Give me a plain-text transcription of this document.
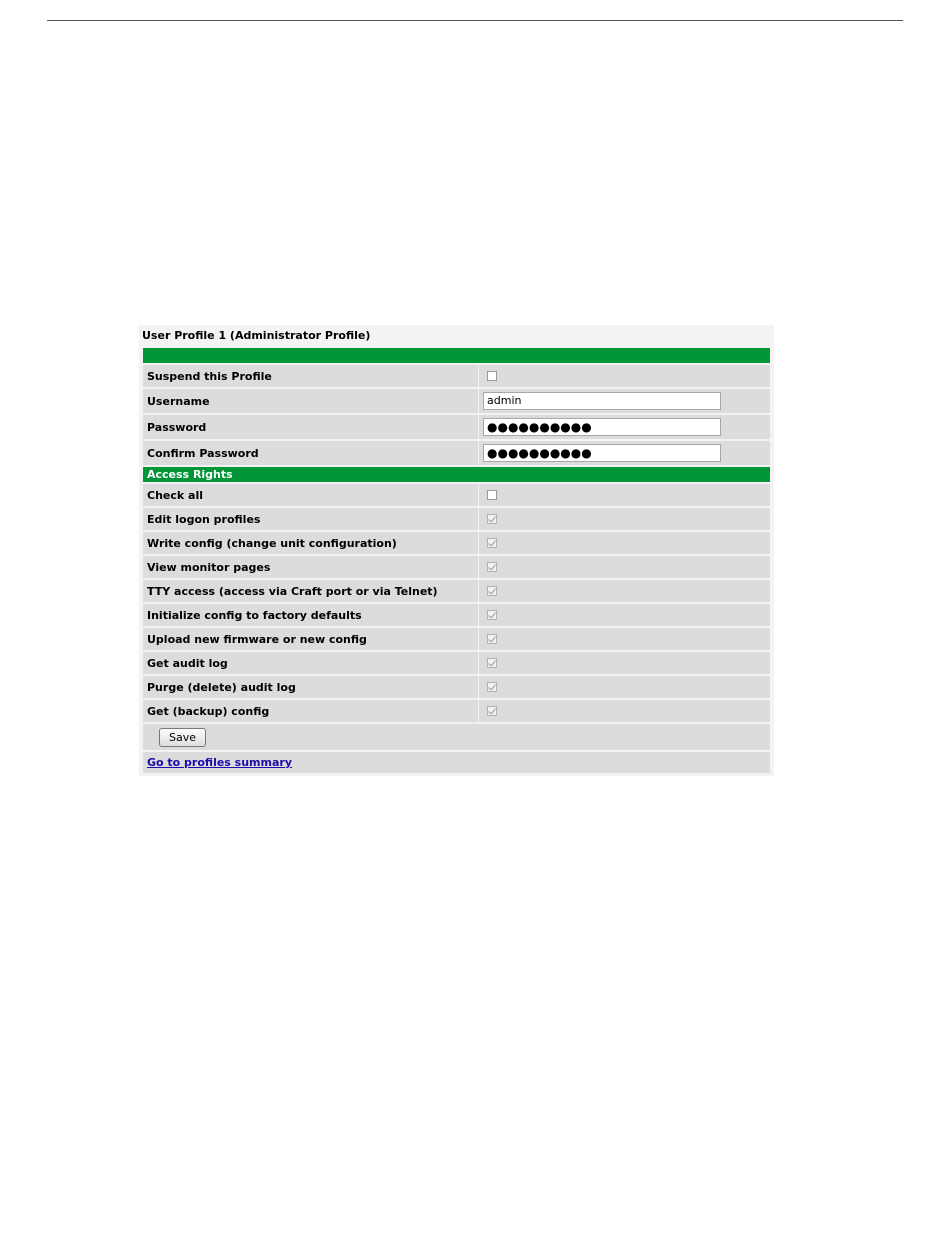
User Profile 1 (Administrator Profile)
Suspend this Profile
Username	admin
Password	●●●●●●●●●●
Confirm Password	●●●●●●●●●●
Access Rights
Check all
Edit logon profiles
Write config (change unit configuration)
View monitor pages
TTY access (access via Craft port or via Telnet)
Initialize config to factory defaults
Upload new firmware or new config
Get audit log
Purge (delete) audit log
Get (backup) config
Save
Go to profiles summary
